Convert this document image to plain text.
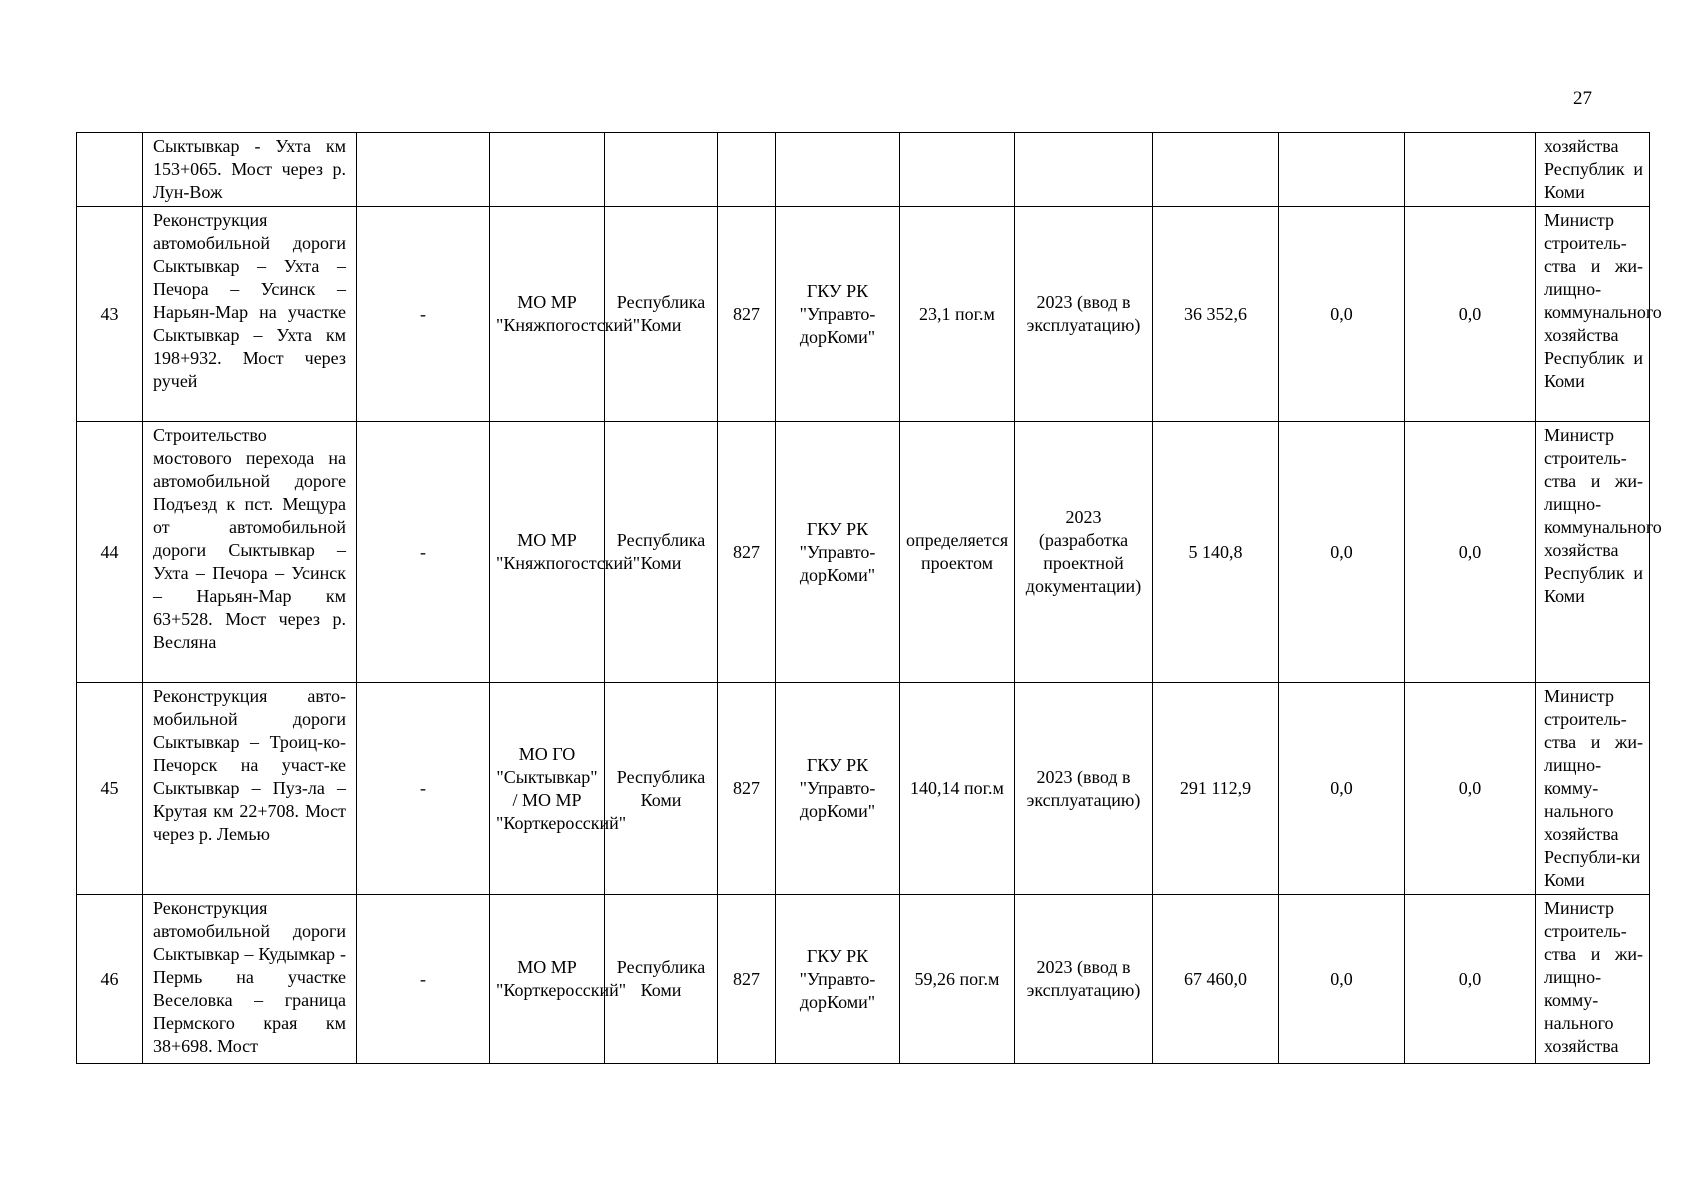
27
	Сыктывкар - Ухта км 153+065. Мост через р. Лун-Вож											хозяйства Республик и Коми
43	Реконструкция автомобильной дороги Сыктывкар – Ухта – Печора – Усинск – Нарьян-Мар на участке Сыктывкар – Ухта км 198+932. Мост через ручей	-	МО МР "Княжпогостский"	Республика Коми	827	ГКУ РК "Управто-дорКоми"	23,1 пог.м	2023 (ввод в эксплуатацию)	36 352,6	0,0	0,0	Министр строитель-ства и жи-лищно-коммунального хозяйства Республик и Коми
44	Строительство мостового перехода на автомобильной дороге Подъезд к пст. Мещура от автомобильной дороги Сыктывкар – Ухта – Печора – Усинск – Нарьян-Мар км 63+528. Мост через р. Весляна	-	МО МР "Княжпогостский"	Республика Коми	827	ГКУ РК "Управто-дорКоми"	определяется проектом	2023 (разработка проектной документации)	5 140,8	0,0	0,0	Министр строитель-ства и жи-лищно-коммунального хозяйства Республик и Коми
45	Реконструкция авто-мобильной дороги Сыктывкар – Троиц-ко-Печорск на участ-ке Сыктывкар – Пуз-ла – Крутая км 22+708. Мост через р. Лемью	-	МО ГО "Сыктывкар" / МО МР "Корткеросский"	Республика Коми	827	ГКУ РК "Управто-дорКоми"	140,14 пог.м	2023 (ввод в эксплуатацию)	291 112,9	0,0	0,0	Министр строитель-ства и жи-лищно-комму-нального хозяйства Республи-ки Коми
46	Реконструкция автомобильной дороги Сыктывкар – Кудымкар - Пермь на участке Веселовка – граница Пермского края км 38+698. Мост	-	МО МР "Корткеросский"	Республика Коми	827	ГКУ РК "Управто-дорКоми"	59,26 пог.м	2023 (ввод в эксплуатацию)	67 460,0	0,0	0,0	Министр строитель-ства и жи-лищно-комму-нального хозяйства
